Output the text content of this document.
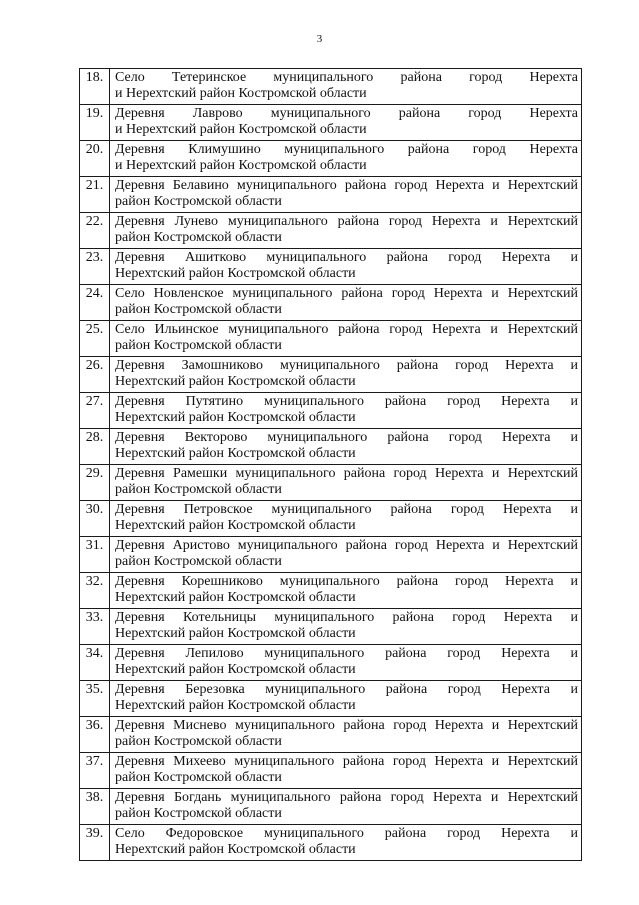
3
18.	Село Тетеринское муниципального района город Нерехта
и Нерехтский район Костромской области

19.	Деревня Лаврово муниципального района город Нерехта
и Нерехтский район Костромской области

20.	Деревня Климушино муниципального района город Нерехта
и Нерехтский район Костромской области

21.	Деревня Белавино муниципального района город Нерехта и Нерехтский
район Костромской области

22.	Деревня Лунево муниципального района город Нерехта и Нерехтский
район Костромской области

23.	Деревня Ашитково муниципального района город Нерехта и
Нерехтский район Костромской области

24.	Село Новленское муниципального района город Нерехта и Нерехтский
район Костромской области

25.	Село Ильинское муниципального района город Нерехта и Нерехтский
район Костромской области

26.	Деревня Замошниково муниципального района город Нерехта и
Нерехтский район Костромской области

27.	Деревня Путятино муниципального района город Нерехта и
Нерехтский район Костромской области

28.	Деревня Векторово муниципального района город Нерехта и
Нерехтский район Костромской области

29.	Деревня Рамешки муниципального района город Нерехта и Нерехтский
район Костромской области

30.	Деревня Петровское муниципального района город Нерехта и
Нерехтский район Костромской области

31.	Деревня Аристово муниципального района город Нерехта и Нерехтский
район Костромской области

32.	Деревня Корешниково муниципального района город Нерехта и
Нерехтский район Костромской области

33.	Деревня Котельницы муниципального района город Нерехта и
Нерехтский район Костромской области

34.	Деревня Лепилово муниципального района город Нерехта и
Нерехтский район Костромской области

35.	Деревня Березовка муниципального района город Нерехта и
Нерехтский район Костромской области

36.	Деревня Миснево муниципального района город Нерехта и Нерехтский
район Костромской области

37.	Деревня Михеево муниципального района город Нерехта и Нерехтский
район Костромской области

38.	Деревня Богдань муниципального района город Нерехта и Нерехтский
район Костромской области

39.	Село Федоровское муниципального района город Нерехта и
Нерехтский район Костромской области
